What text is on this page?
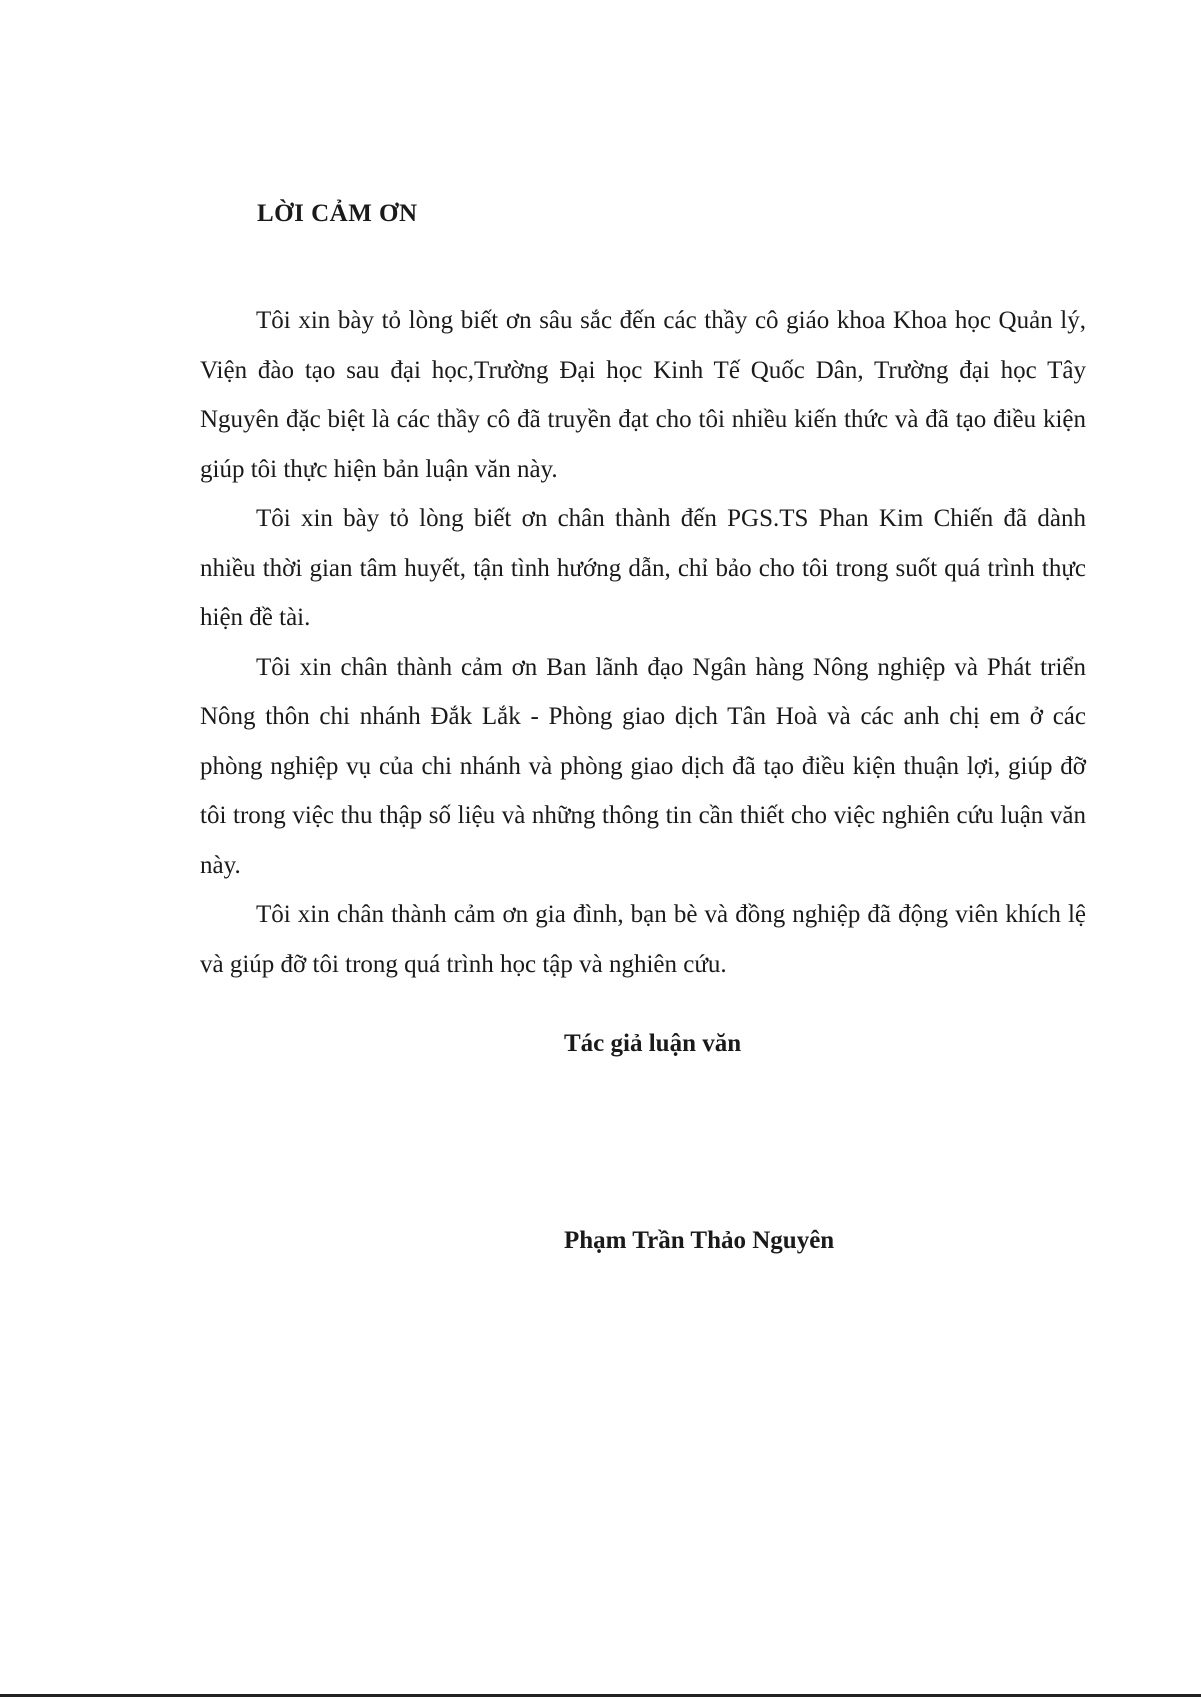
LỜI CẢM ƠN

Tôi xin bày tỏ lòng biết ơn sâu sắc đến các thầy cô giáo khoa Khoa học Quản lý, Viện đào tạo sau đại học,Trường Đại học Kinh Tế Quốc Dân, Trường đại học Tây Nguyên đặc biệt là các thầy cô đã truyền đạt cho tôi nhiều kiến thức và đã tạo điều kiện giúp tôi thực hiện bản luận văn này.

Tôi xin bày tỏ lòng biết ơn chân thành đến PGS.TS Phan Kim Chiến đã dành nhiều thời gian tâm huyết, tận tình hướng dẫn, chỉ bảo cho tôi trong suốt quá trình thực hiện đề tài.

Tôi xin chân thành cảm ơn Ban lãnh đạo Ngân hàng Nông nghiệp và Phát triển Nông thôn chi nhánh Đắk Lắk - Phòng giao dịch Tân Hoà và các anh chị em ở các phòng nghiệp vụ của chi nhánh và phòng giao dịch đã tạo điều kiện thuận lợi, giúp đỡ tôi trong việc thu thập số liệu và những thông tin cần thiết cho việc nghiên cứu luận văn này.

Tôi xin chân thành cảm ơn gia đình, bạn bè và đồng nghiệp đã động viên khích lệ và giúp đỡ tôi trong quá trình học tập và nghiên cứu.

Tác giả luận văn

Phạm Trần Thảo Nguyên
